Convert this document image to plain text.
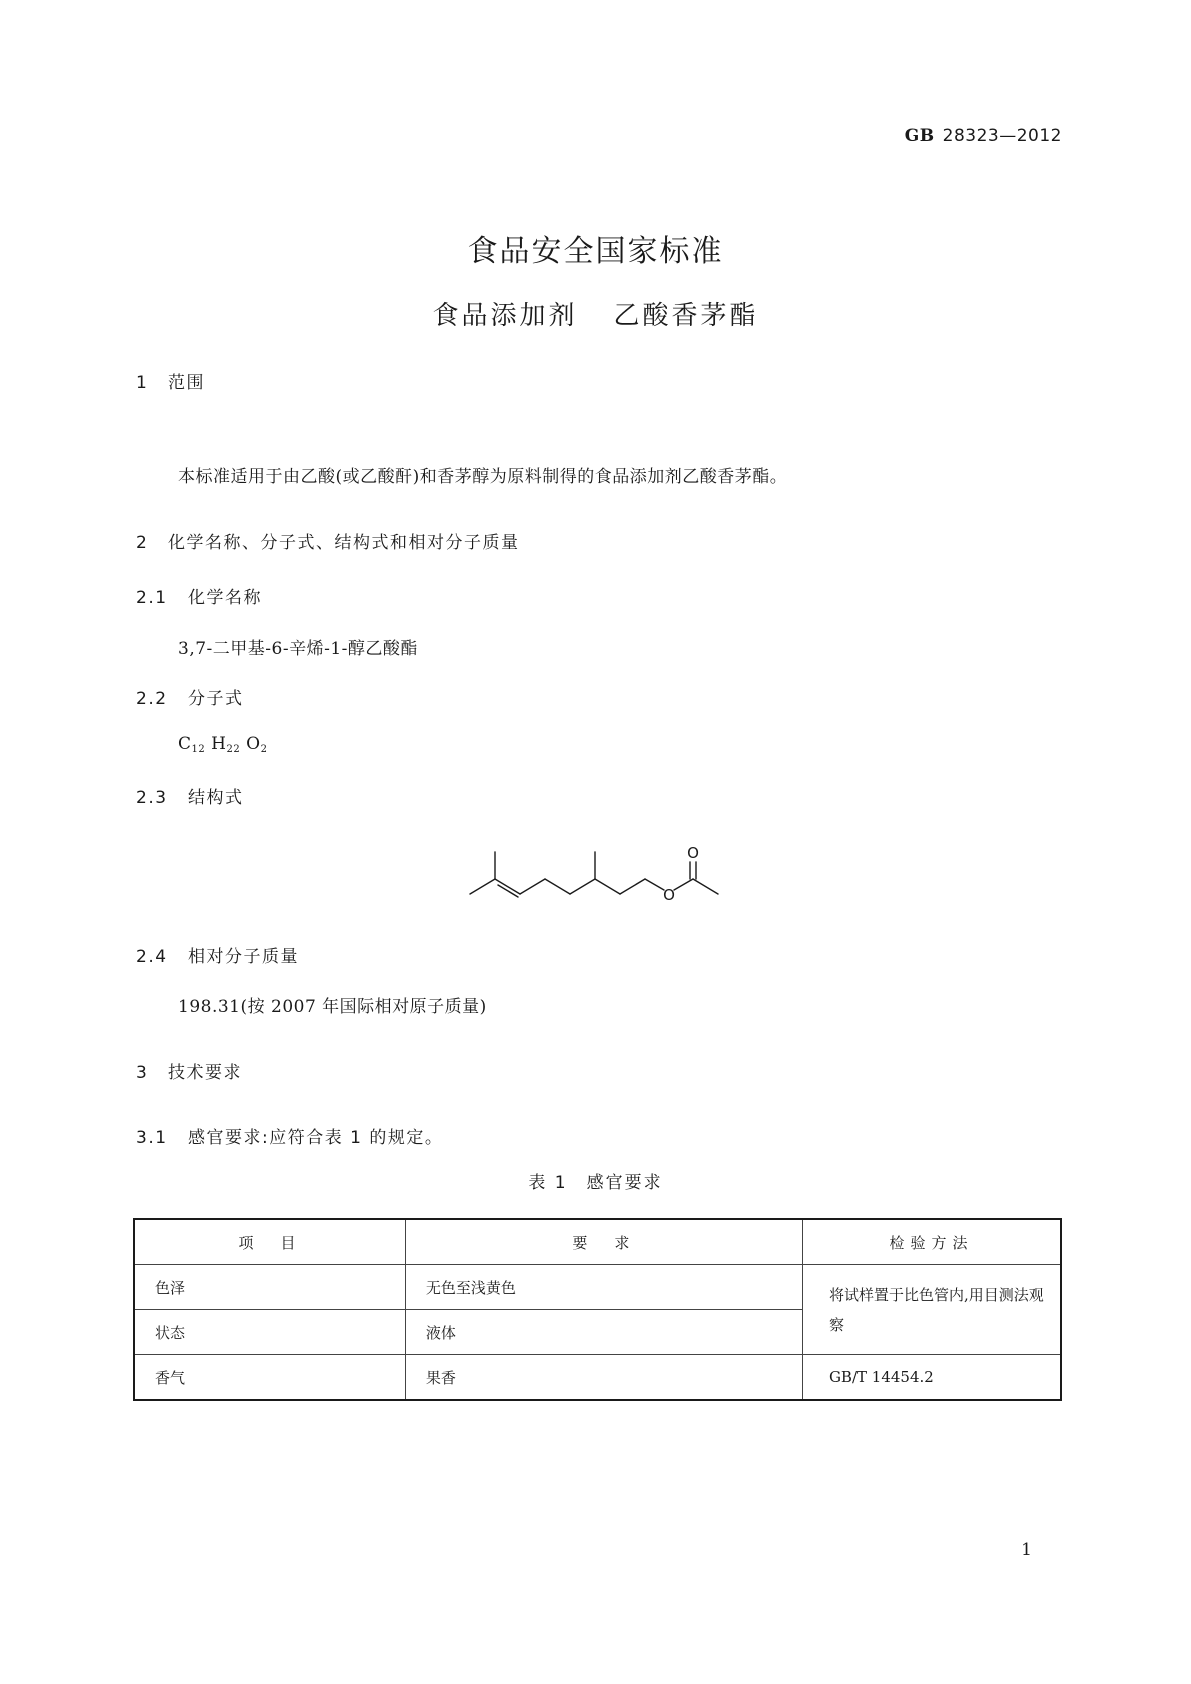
GB 28323—2012
食品安全国家标准
食品添加剂 乙酸香茅酯
1 范围
本标准适用于由乙酸(或乙酸酐)和香茅醇为原料制得的食品添加剂乙酸香茅酯。
2 化学名称、分子式、结构式和相对分子质量
2.1 化学名称
3,7-二甲基-6-辛烯-1-醇乙酸酯
2.2 分子式
$C_{12}$ $H_{22}$ $O_2$
2.3 结构式
O
O
2.4 相对分子质量
198.31(按 2007 年国际相对原子质量)
3 技术要求
3.1 感官要求:应符合表 1 的规定。
表 1　感官要求
项　目	要　求	检验方法
色泽	无色至浅黄色	将试样置于比色管内,用目测法观察
状态	液体	
香气	果香	GB/T 14454.2
1
